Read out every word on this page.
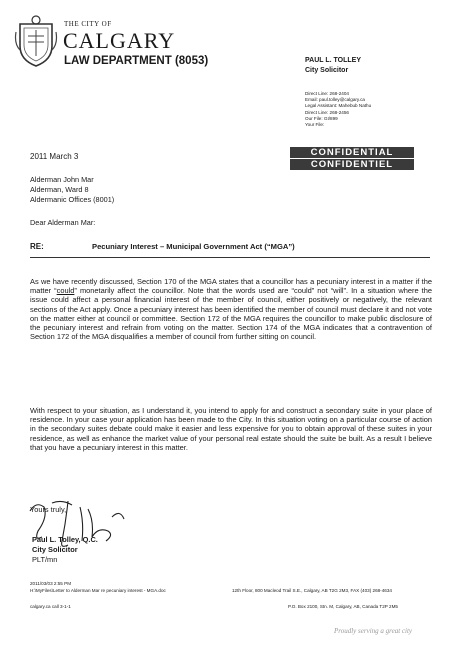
THE CITY OF
CALGARY
LAW DEPARTMENT (8053)	PAUL L. TOLLEY
City Solicitor
Direct Line: 268-2404
Email: paul.tolley@calgary.ca
Legal Assistant: Mahebub Nathu
Direct Line: 268-2456
Our File: GI/899
Your File:
2011 March 3	CONFIDENTIAL
CONFIDENTIEL
Alderman John Mar
Alderman, Ward 8
Aldermanic Offices (8001)
Dear Alderman Mar:
RE:	Pecuniary Interest – Municipal Government Act (“MGA”)
As we have recently discussed, Section 170 of the MGA states that a councillor has a pecuniary interest in a matter if the matter “could” monetarily affect the councillor. Note that the words used are “could” not “will”. In a situation where the issue could affect a personal financial interest of the member of council, either positively or negatively, the relevant sections of the Act apply. Once a pecuniary interest has been identified the member of council must declare it and not vote on the matter either at council or committee. Section 172 of the MGA requires the councillor to make public disclosure of the pecuniary interest and refrain from voting on the matter. Section 174 of the MGA indicates that a contravention of Section 172 of the MGA disqualifies a member of council from further sitting on council.
With respect to your situation, as I understand it, you intend to apply for and construct a secondary suite in your place of residence. In your case your application has been made to the City. In this situation voting on a particular course of action in the secondary suites debate could make it easier and less expensive for you to obtain approval of these suites in your residence, as well as enhance the market value of your personal real estate should the suite be built. As a result I believe that you have a pecuniary interest in this matter.
Yours truly,
Paul L. Tolley, Q.C.
City Solicitor
PLT/mn
2011/03/03 2:55 PM
H:\MyFiles\Letter to Alderman Mar re pecuniary interest - MGA.doc	12th Floor, 800 Macleod Trail S.E., Calgary, AB T2G 2M3, FAX (403) 268-4634
calgary.ca call 3-1-1	P.O. Box 2100, Stn. M, Calgary, AB, Canada T2P 2M5
Proudly serving a great city
